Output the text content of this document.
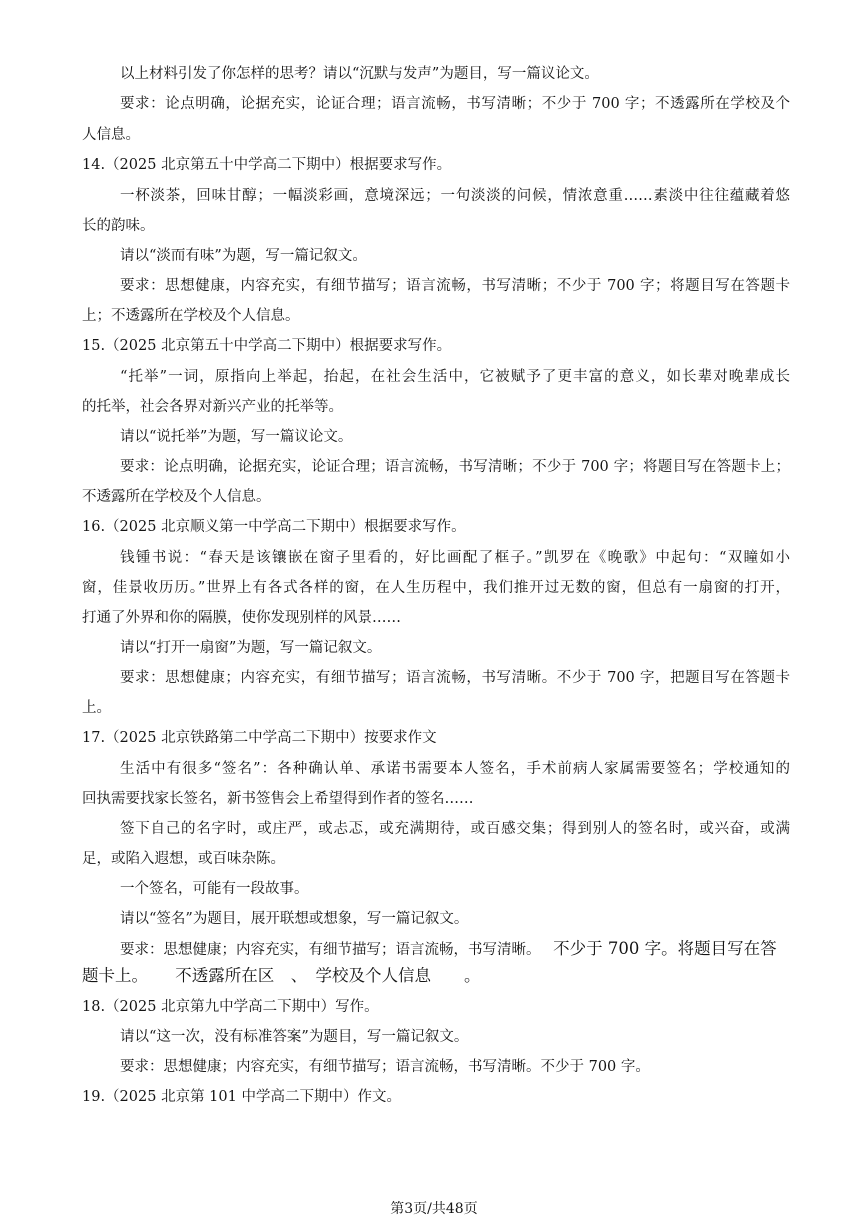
以上材料引发了你怎样的思考？请以“沉默与发声”为题目，写一篇议论文。
要求：论点明确，论据充实，论证合理；语言流畅，书写清晰；不少于 700 字；不透露所在学校及个
人信息。
14.（2025 北京第五十中学高二下期中）根据要求写作。
一杯淡茶，回味甘醇；一幅淡彩画，意境深远；一句淡淡的问候，情浓意重……素淡中往往蕴藏着悠
长的韵味。
请以“淡而有味”为题，写一篇记叙文。
要求：思想健康，内容充实，有细节描写；语言流畅，书写清晰；不少于 700 字；将题目写在答题卡
上；不透露所在学校及个人信息。
15.（2025 北京第五十中学高二下期中）根据要求写作。
“托举”一词，原指向上举起，抬起，在社会生活中，它被赋予了更丰富的意义，如长辈对晚辈成长
的托举，社会各界对新兴产业的托举等。
请以“说托举”为题，写一篇议论文。
要求：论点明确，论据充实，论证合理；语言流畅，书写清晰；不少于 700 字；将题目写在答题卡上；
不透露所在学校及个人信息。
16.（2025 北京顺义第一中学高二下期中）根据要求写作。
钱锺书说：“春天是该镶嵌在窗子里看的，好比画配了框子。”凯罗在《晚歌》中起句：“双瞳如小
窗，佳景收历历。”世界上有各式各样的窗，在人生历程中，我们推开过无数的窗，但总有一扇窗的打开，
打通了外界和你的隔膜，使你发现别样的风景……
请以“打开一扇窗”为题，写一篇记叙文。
要求：思想健康；内容充实，有细节描写；语言流畅，书写清晰。不少于 700 字，把题目写在答题卡
上。
17.（2025 北京铁路第二中学高二下期中）按要求作文
生活中有很多“签名”：各种确认单、承诺书需要本人签名，手术前病人家属需要签名；学校通知的
回执需要找家长签名，新书签售会上希望得到作者的签名……
签下自己的名字时，或庄严，或忐忑，或充满期待，或百感交集；得到别人的签名时，或兴奋，或满
足，或陷入遐想，或百味杂陈。
一个签名，可能有一段故事。
请以“签名”为题目，展开联想或想象，写一篇记叙文。
要求：思想健康；内容充实，有细节描写；语言流畅，书写清晰。 不少于 700 字。将题目写在答
题卡上。 不透露所在区　、　学校及个人信息　　。
18.（2025 北京第九中学高二下期中）写作。
请以“这一次，没有标准答案”为题目，写一篇记叙文。
要求：思想健康；内容充实，有细节描写；语言流畅，书写清晰。不少于 700 字。
19.（2025 北京第 101 中学高二下期中）作文。
第3页/共48页
